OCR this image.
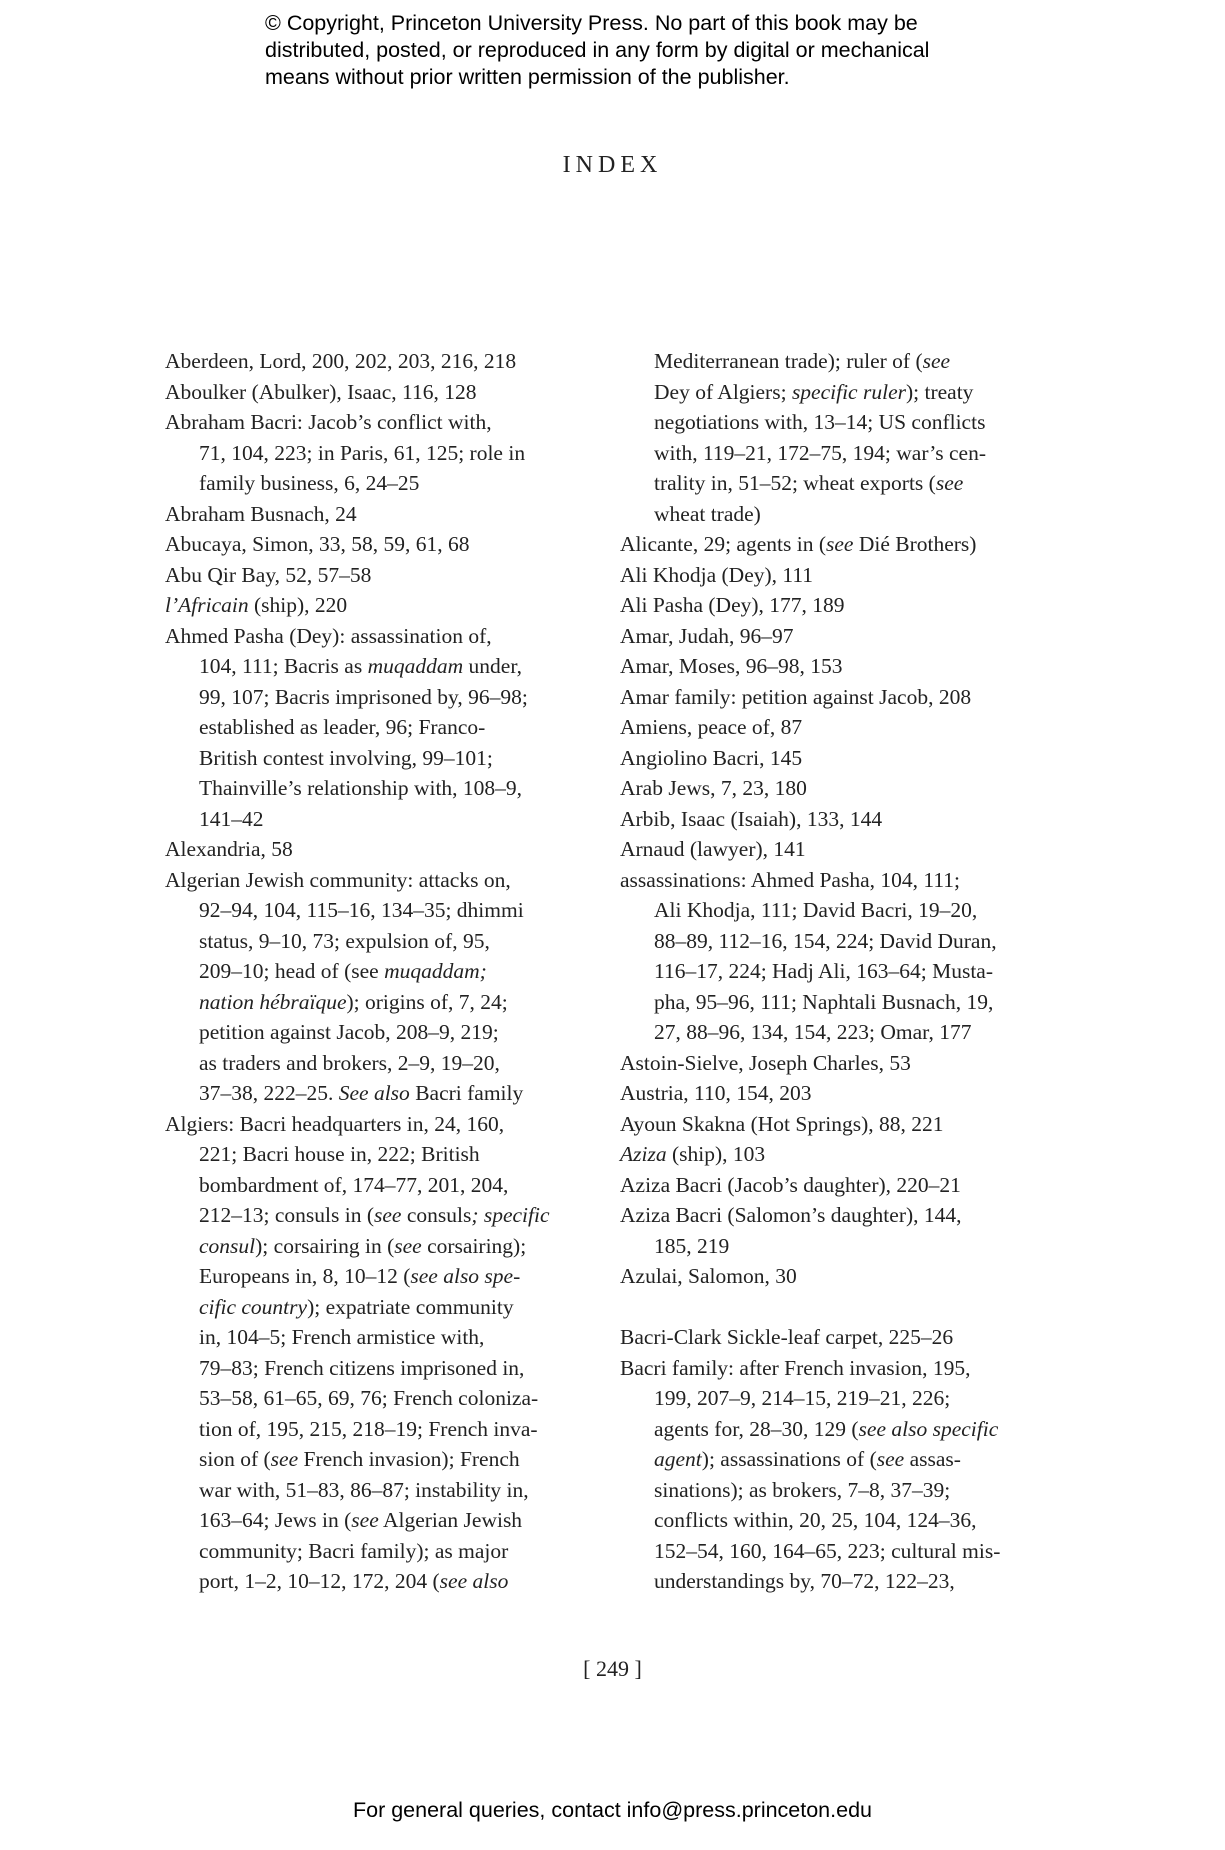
© Copyright, Princeton University Press. No part of this book may be
distributed, posted, or reproduced in any form by digital or mechanical
means without prior written permission of the publisher.
INDEX
Aberdeen, Lord, 200, 202, 203, 216, 218
Aboulker (Abulker), Isaac, 116, 128
Abraham Bacri: Jacob’s conflict with,
71, 104, 223; in Paris, 61, 125; role in
family business, 6, 24–25
Abraham Busnach, 24
Abucaya, Simon, 33, 58, 59, 61, 68
Abu Qir Bay, 52, 57–58
l’Africain (ship), 220
Ahmed Pasha (Dey): assassination of,
104, 111; Bacris as muqaddam under,
99, 107; Bacris imprisoned by, 96–98;
established as leader, 96; Franco-
British contest involving, 99–101;
Thainville’s relationship with, 108–9,
141–42
Alexandria, 58
Algerian Jewish community: attacks on,
92–94, 104, 115–16, 134–35; dhimmi
status, 9–10, 73; expulsion of, 95,
209–10; head of (see muqaddam;
nation hébraïque); origins of, 7, 24;
petition against Jacob, 208–9, 219;
as traders and brokers, 2–9, 19–20,
37–38, 222–25. See also Bacri family
Algiers: Bacri headquarters in, 24, 160,
221; Bacri house in, 222; British
bombardment of, 174–77, 201, 204,
212–13; consuls in (see consuls; specific
consul); corsairing in (see corsairing);
Europeans in, 8, 10–12 (see also spe-
cific country); expatriate community
in, 104–5; French armistice with,
79–83; French citizens imprisoned in,
53–58, 61–65, 69, 76; French coloniza-
tion of, 195, 215, 218–19; French inva-
sion of (see French invasion); French
war with, 51–83, 86–87; instability in,
163–64; Jews in (see Algerian Jewish
community; Bacri family); as major
port, 1–2, 10–12, 172, 204 (see also
Mediterranean trade); ruler of (see
Dey of Algiers; specific ruler); treaty
negotiations with, 13–14; US conflicts
with, 119–21, 172–75, 194; war’s cen-
trality in, 51–52; wheat exports (see
wheat trade)
Alicante, 29; agents in (see Dié Brothers)
Ali Khodja (Dey), 111
Ali Pasha (Dey), 177, 189
Amar, Judah, 96–97
Amar, Moses, 96–98, 153
Amar family: petition against Jacob, 208
Amiens, peace of, 87
Angiolino Bacri, 145
Arab Jews, 7, 23, 180
Arbib, Isaac (Isaiah), 133, 144
Arnaud (lawyer), 141
assassinations: Ahmed Pasha, 104, 111;
Ali Khodja, 111; David Bacri, 19–20,
88–89, 112–16, 154, 224; David Duran,
116–17, 224; Hadj Ali, 163–64; Musta-
pha, 95–96, 111; Naphtali Busnach, 19,
27, 88–96, 134, 154, 223; Omar, 177
Astoin-Sielve, Joseph Charles, 53
Austria, 110, 154, 203
Ayoun Skakna (Hot Springs), 88, 221
Aziza (ship), 103
Aziza Bacri (Jacob’s daughter), 220–21
Aziza Bacri (Salomon’s daughter), 144,
185, 219
Azulai, Salomon, 30
Bacri-Clark Sickle-leaf carpet, 225–26
Bacri family: after French invasion, 195,
199, 207–9, 214–15, 219–21, 226;
agents for, 28–30, 129 (see also specific
agent); assassinations of (see assas-
sinations); as brokers, 7–8, 37–39;
conflicts within, 20, 25, 104, 124–36,
152–54, 160, 164–65, 223; cultural mis-
understandings by, 70–72, 122–23,
[ 249 ]
For general queries, contact info@press.princeton.edu
